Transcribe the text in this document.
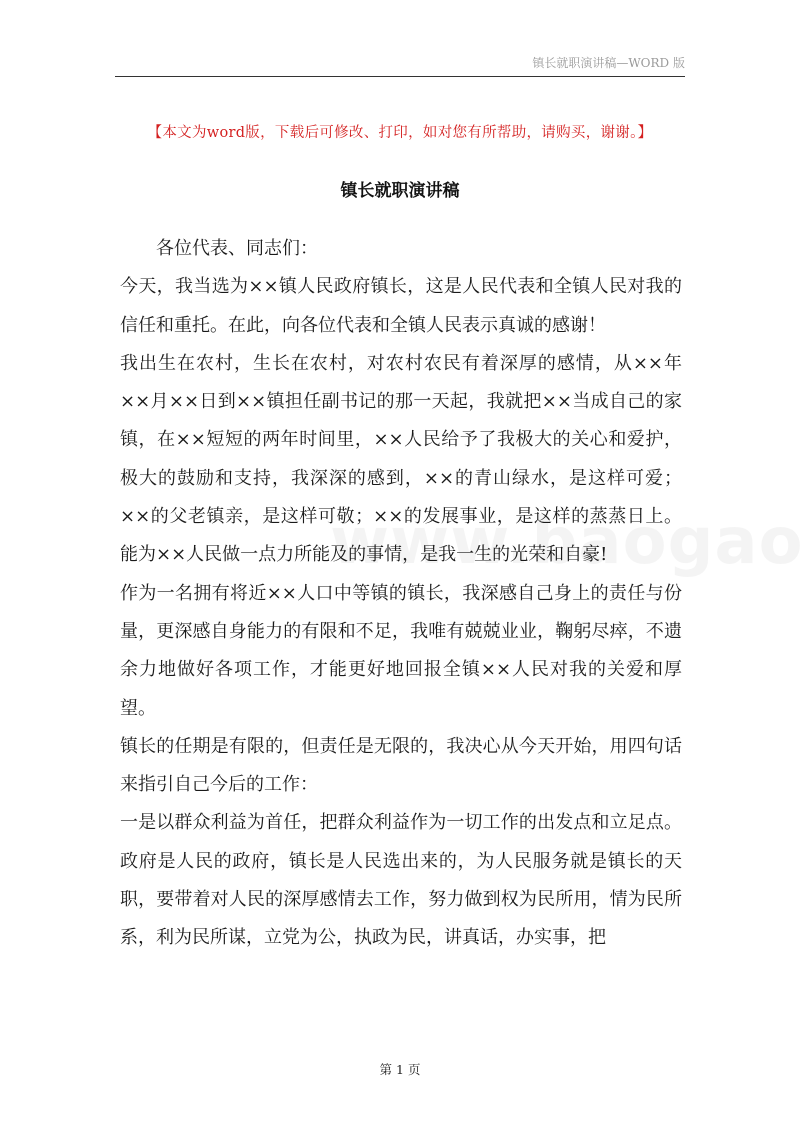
镇长就职演讲稿—WORD 版
【本文为word版，下载后可修改、打印，如对您有所帮助，请购买，谢谢。】
镇长就职演讲稿

各位代表、同志们：

今天，我当选为××镇人民政府镇长，这是人民代表和全镇人民对我的信任和重托。在此，向各位代表和全镇人民表示真诚的感谢！

我出生在农村，生长在农村，对农村农民有着深厚的感情，从××年××月××日到××镇担任副书记的那一天起，我就把××当成自己的家镇，在××短短的两年时间里，××人民给予了我极大的关心和爱护，极大的鼓励和支持，我深深的感到，××的青山绿水，是这样可爱；××的父老镇亲，是这样可敬；××的发展事业，是这样的蒸蒸日上。能为××人民做一点力所能及的事情，是我一生的光荣和自豪!

作为一名拥有将近××人口中等镇的镇长，我深感自己身上的责任与份量，更深感自身能力的有限和不足，我唯有兢兢业业，鞠躬尽瘁，不遗余力地做好各项工作，才能更好地回报全镇××人民对我的关爱和厚望。

镇长的任期是有限的，但责任是无限的，我决心从今天开始，用四句话来指引自己今后的工作：

一是以群众利益为首任，把群众利益作为一切工作的出发点和立足点。政府是人民的政府，镇长是人民选出来的，为人民服务就是镇长的天职，要带着对人民的深厚感情去工作，努力做到权为民所用，情为民所系，利为民所谋，立党为公，执政为民，讲真话，办实事，把

第 1 页
